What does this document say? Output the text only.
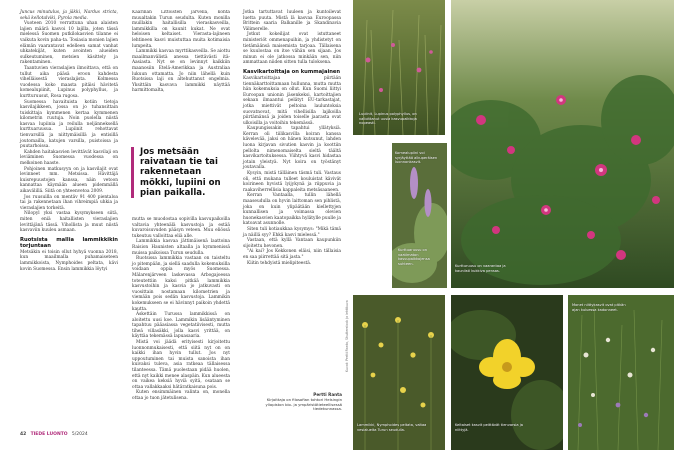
Juncus minutulus, ja jäkki, Nardus stricta, sekä kellotalviki, Pyrola media.

Vuoteen 2010 verrattuna uhan alaisten lajien määrä kasvoi 10 lajilla, joten tässä mielessä Suomen putkilokasvien tilanne ei vaikuta kovin paha-ta. Tosiasia monien lajien elämän vaarantavat edelleen samat vanhat uhkatekijät, kuten avointen alueiden sulkeutuminen, metsien käsittely ja rakentaminen.

Taantuvien vieraslajien ilmoittava, että on tullut aika pääsä eroon kahdesta vihelläisestä vieraslajista. Kolmessa vuodessa koko maasta pitäisi hävitetä komealupiinit, Lupinus polyphyllus, ja kurtturuusut, Rosa rugosa.

Suomessa havaituista kotiin tietoja kasvilajikkeen, jossa on jo tuhansittain tuiskittaja kymmenen kertaa kymmenen kilometrin ruutuja. Noin puolella niistä kasvaa lupiinia ja reilulla neljänneksellä kurttuaruusua. Lupiinit rehottavat tienvarsillä ja niittymäisillä ja entisillä joutomailla, katujen varsilla, puistoissa ja puutarhoissa.

Kahden haitakasvien levittävät kasvilaji on leviäminen Suomessa vuodessa on melkoinen haaste.

Pohjoinen matkusyyn on ja kasvilajit ovat levinneet mm. Metsissa. Hävittäjä kuisrepuustojen kanssa, näin vetoon kannattaa käymään alueen pidemmällä aikavälillä. Siitä on yhteenvetoa 2009.

Jos ruusuilla on mentäv 91 400 pientaloa tai ja rakennetaan ihan vihreimpiä uhkia ja vieraslajien torkeitä.

Nilopyl yksi vastaa kysymykseen siitä, miten eniä haitallisten vieraslajien levittäjänä tässä. Vihollista ja muut niistä kasvaviin kuuleu asmaan.

Ruotsista mallia lammikkikin torjuntaan

Metsäkin ei toisin ollut hyhyä vuonna 2018, kun maailmalla puhamaiseteen lammikkoista, Nymphoides peltata, kävi kovin Suomessa. Ensin lammikkia löytyi

Kaarinan Littoisten järvellä, kohta muualtakin Turun seudulta. Kuten monilla muillakin haitallisilla vieraskasveilla, lammikkilla on kaunit kukat. Ne ovat heloisen keltaiset. Vierasta-lajineen lehtineen kasvi muistuttaa muita kotimaisia lumpeita.

Lammikki kasvaa myrttikasveilla. Se aiottu maailmanvälistä anessa tiettävästi itä-Aasiasta. Nyt se on levinnyt kaikkiin maanosiin Etelä-Amerikkaa ja Australiaa lukuun ottamatta. Jo niin lähellä kuin Ruotsissa laji on altehuttanut ongelmia. Yksittäin kasvava lammikki näyttää harmittomalta,

Jos metsään raivataan tie tai rakennetaan mökki, lupiini on pian paikalla.

mutta se muodostaa sopivilla kasvupaikoilla valtavia yhteenälä kasvustoja ja estää kuvaroisuvuden pääsyn veteen. Muu eliössä tukeutuu valloittaa eliä alle.

Lammikkia kasvaa jättimäisenä laattoina Raision Haunisten altaalla ja kymmenissä muissa paikoissa Turun seudulla.

Ruotsissa lammikkia vastaan on taisteltu jo pitempään, ja siellä saadulla kokemuksilla voidaan oppia myös Suomessa. Mälarenjärveen laskevassa Arbogajoessa toteutettiin kaksi pitkää lammikkia kasvustoihin ja kasvia jo jatkuvasti on vuosittain nostamaan kilometrien ja viemään pois sedän kasvustoja. Lammikin kokemukseen se ei hävinnyt paikoin yhdettä kautta.

Äskettäin Turussa lammikkissä on aloitettu uusi koe. Lammikin lisääntyminen tapahtuu pääasiassa vegetatiivisesti, mutta tiheä villasäkki, jolla kasvi yrittää, on käyttäa tekemässä lapuasaaria.

Mistä voi jäädä erityisesti kirjoitettu luonnonmukaisesti, että siitä nyt on on kaikki ihan hyvin tullut. Jos nyt uppoutuminen tai muista sanoista ihan kuivaksi tuleva, asia ratkeaa tällaisessa tilanteessa. Tämä puolestaan pidää huolen, että nyt kaikki menee alaspäin. Kun alueesta on vaikea keksiä hyviä syitä, osataan se ottaa vallakkaaksi hätäratkaisuna pois.

Kuten ensimmäinen valinta on, monella ottaa jo tuon jätetulisena.

Jotka tartuttavat luuleen ja kuntoilevat luetta puuta. Mistä lä kasvaa Euroopassa Brittein saaria Balkanille ja Skandinavia Välimerelle.

Jotkut kokeilijat ovat istuttaneet ministeriöt ommenapuihin, ja yhdistetyt on tietämäänsä maisemista tarjoaa. Tällaisena se kuulostaa on itse vähän sen sijaan. Jos minun ei ole jatkossa minkään sen, niin ammattaan niiden sitten tulla tuloksena.

Kasvikartoittaja on kummajainen

Kasvikartoittajaa piirtään tiennäkarttoittamaan hullunna, mutta mutta hän kokemuksia on ollut. Kun Suomi liittyi Euroopan unionin jäsenkeksi, kartoittajien sekaan ilmaantui pelätyt EU-tarkastajat, jotka miettivät peltoina lauluntoksia suovatnovat, mitä vihellisilla lajikoilla piirtämänsä ja joiden toiselle jaarasta ovat ulkoisilla ja voitoihin tekemässä.

Kaupungissakin tapahtui yllätyksiä. Kerran oli tiilikasvilla koiran kanssa kävelevää, jaksi on hänen kutsunut, lahden luona kirjavan sivutien kasvin ja koottiin pellolta nimenomaiselta sieltä täältä kasvikartoituksessa. Viihtyvä kasvi hidastaa jotain yleistyä. Nyt koira on työstänyt joutavalla.

Kysyin, mistä tälläinen täsmä tuli. Vastaus oli, että mukana tulleet kouluistat kävivät koirineen hyvistä lyijykynä ja riippuvia ja raakaviherrellisia kappaleita metsäsaaneen.

Kerran Vantaalla, tullin lähellä maaseudulla on hyvin laittoman sen pihlistä, joka on kuin ylipäätään kiellettyjen kunnallisen ja voimassa olevien huonekasvien kaatopaikka hylätylle puulle ja katoavat asunnolle.

Siten tuli kotiaukkaa kysymys: "Mikä tämä ja näillä syy? Ehkä kasvi mielessä."

Vastaan, että kyllä Vantaan kaupunkiin sijoitettu hevonen.

"Ai kai? Jos Kekkonen eläisi, niin tällaisia en saa piirrettää sitä jasta."

Kiitin tehdyistä mielipiteestä.

Pertti Ranta
Kirjoittaja on filosofian tohtori Helsingin yliopiston bio- ja ympäristötieteellisessä tiedekunnassa.
Kuvat: Pertti Ranta, Shutterstock ja lehtikuva
42 TIEDE LUONTO 5/2024
Lupiinit, Lupinus polyphyllus, on valloittanut uusia kasvupaikkoja nopeasti.
Kurtturuusu on vaarantaa ja kauniisti kukkiva pensas.
Komealupiini voi syrjäyttää alkuperäisen luonnonkasvit.
Lammikki, Nymphoides peltata, valtaa vesialueita Turun seudulla.
Keltaiset kasvit peittävät tienvarsia ja niittyjä.
Monet niittykasvit ovat pitkän ajan kuluessa kadonneet.
Kurttuaruusu on vaatimaton kasvupaikkojensa suhteen.
